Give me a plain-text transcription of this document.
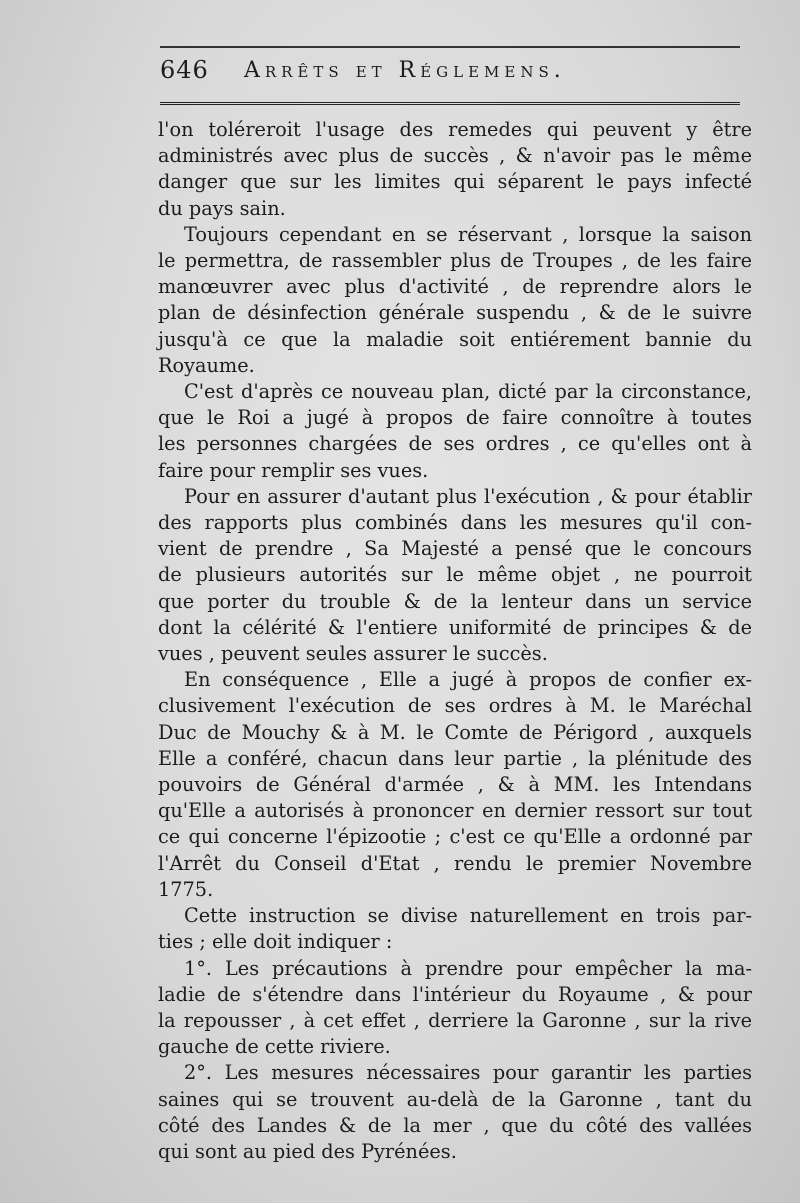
646 Arrêts et Réglemens.
l'on toléreroit l'usage des remedes qui peuvent y être
administrés avec plus de succès , & n'avoir pas le même
danger que sur les limites qui séparent le pays infecté
du pays sain.
Toujours cependant en se réservant , lorsque la saison
le permettra, de rassembler plus de Troupes , de les faire
manœuvrer avec plus d'activité , de reprendre alors le
plan de désinfection générale suspendu , & de le suivre
jusqu'à ce que la maladie soit entiérement bannie du
Royaume.
C'est d'après ce nouveau plan, dicté par la circonstance,
que le Roi a jugé à propos de faire connoître à toutes
les personnes chargées de ses ordres , ce qu'elles ont à
faire pour remplir ses vues.
Pour en assurer d'autant plus l'exécution , & pour établir
des rapports plus combinés dans les mesures qu'il con-
vient de prendre , Sa Majesté a pensé que le concours
de plusieurs autorités sur le même objet , ne pourroit
que porter du trouble & de la lenteur dans un service
dont la célérité & l'entiere uniformité de principes & de
vues , peuvent seules assurer le succès.
En conséquence , Elle a jugé à propos de confier ex-
clusivement l'exécution de ses ordres à M. le Maréchal
Duc de Mouchy & à M. le Comte de Périgord , auxquels
Elle a conféré, chacun dans leur partie , la plénitude des
pouvoirs de Général d'armée , & à MM. les Intendans
qu'Elle a autorisés à prononcer en dernier ressort sur tout
ce qui concerne l'épizootie ; c'est ce qu'Elle a ordonné par
l'Arrêt du Conseil d'Etat , rendu le premier Novembre
1775.
Cette instruction se divise naturellement en trois par-
ties ; elle doit indiquer :
1°. Les précautions à prendre pour empêcher la ma-
ladie de s'étendre dans l'intérieur du Royaume , & pour
la repousser , à cet effet , derriere la Garonne , sur la rive
gauche de cette riviere.
2°. Les mesures nécessaires pour garantir les parties
saines qui se trouvent au-delà de la Garonne , tant du
côté des Landes & de la mer , que du côté des vallées
qui sont au pied des Pyrénées.
